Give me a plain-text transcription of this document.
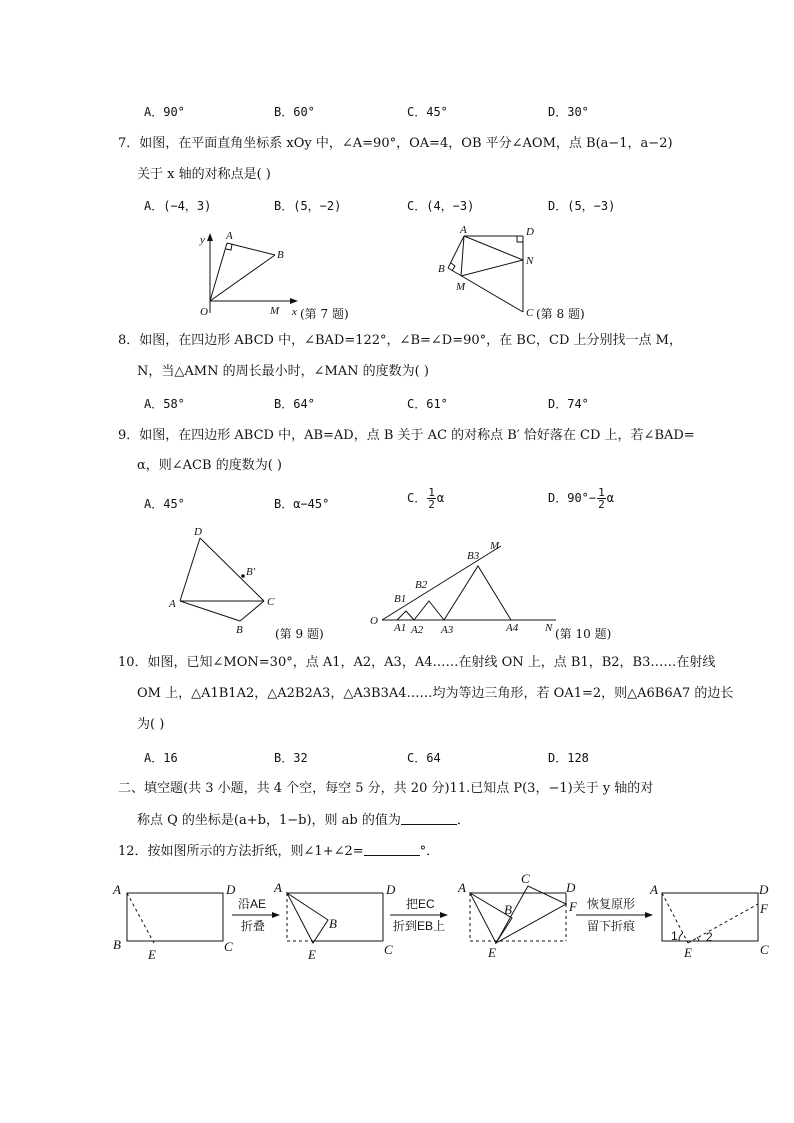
A．90°	B．60°	C．45°	D．30°
7．如图，在平面直角坐标系 xOy 中，∠A=90°，OA=4，OB 平分∠AOM，点 B(a−1，a−2)
关于 x 轴的对称点是( )
A．(−4，3)	B．(5，−2)	C．(4，−3)	D．(5，−3)
y A
B
O	M x (第 7 题)
A	D
B
N
M
C (第 8 题)
8．如图，在四边形 ABCD 中，∠BAD=122°，∠B=∠D=90°，在 BC，CD 上分别找一点 M，
N，当△AMN 的周长最小时，∠MAN 的度数为( )
A．58°	B．64°	C．61°	D．74°
9．如图，在四边形 ABCD 中，AB=AD，点 B 关于 AC 的对称点 B′ 恰好落在 CD 上，若∠BAD=
α，则∠ACB 的度数为( )
A．45°	B．α−45°	C． $\frac{1}{2}$ α	D．$90^\circ- \frac{1}{2}$ α
D
B′
A	C
B	(第 9 题)
O
M
N
B1
B2
B3
A1 A2 A3	A4	(第 10 题)
10．如图，已知∠MON=30°，点 A1，A2，A3，A4……在射线 ON 上，点 B1，B2，B3……在射线
OM 上，△A1B1A2，△A2B2A3，△A3B3A4……均为等边三角形，若 OA1=2，则△A6B6A7 的边长
为( )
A．16	B．32	C．64	D．128
二、填空题(共 3 小题，共 4 个空，每空 5 分，共 20 分)11.已知点 P(3，−1)关于 y 轴的对
称点 Q 的坐标是(a+b，1−b)，则 ab 的值为	．
12．按如图所示的方法折纸，则∠1+∠2=	°．
沿AE
折叠
把EC
折到EB上
恢复原形
留下折痕
A	D
B	C
E
A	D
B
C
E
A
C
D
B	F
E
A	D
F
C
E
1 2
